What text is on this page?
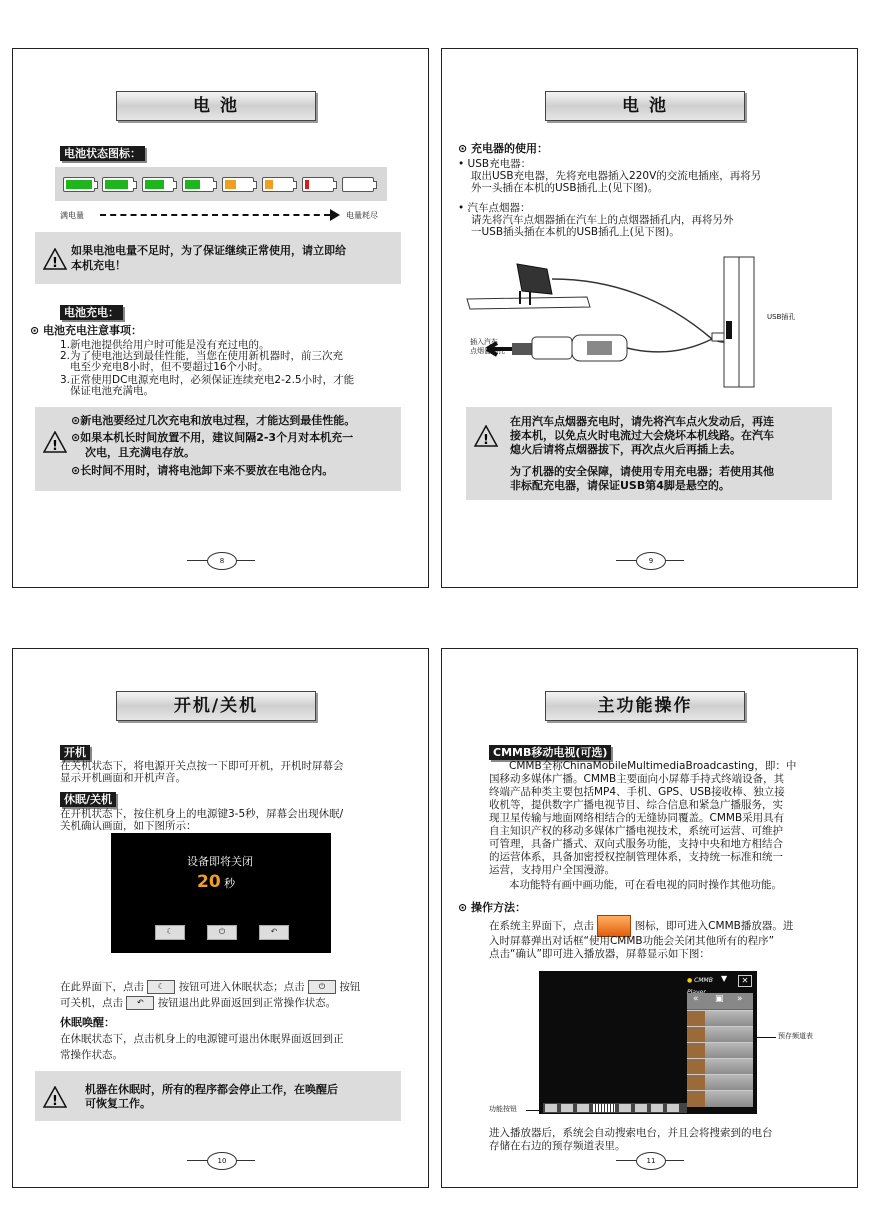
电 池
电池状态图标：
满电量	电量耗尽
!
如果电池电量不足时，为了保证继续正常使用，请立即给
本机充电！
电池充电：
⊙ 电池充电注意事项：
1.新电池提供给用户时可能是没有充过电的。
2.为了使电池达到最佳性能，当您在使用新机器时，前三次充
电至少充电8小时，但不要超过16个小时。
3.正常使用DC电源充电时，必须保证连续充电2-2.5小时，才能
保证电池充满电。
!
⊙新电池要经过几次充电和放电过程，才能达到最佳性能。
⊙如果本机长时间放置不用，建议间隔2-3个月对本机充一
次电，且充满电存放。
⊙长时间不用时，请将电池卸下来不要放在电池仓内。
8
电 池
⊙ 充电器的使用：
• USB充电器：
取出USB充电器，先将充电器插入220V的交流电插座，再将另
外一头插在本机的USB插孔上(见下图)。
• 汽车点烟器：
请先将汽车点烟器插在汽车上的点烟器插孔内，再将另外
一USB插头插在本机的USB插孔上(见下图)。
USB插孔
插入汽车
点烟器插孔
!
在用汽车点烟器充电时，请先将汽车点火发动后，再连
接本机，以免点火时电流过大会烧坏本机线路。在汽车
熄火后请将点烟器拔下，再次点火后再插上去。
为了机器的安全保障，请使用专用充电器；若使用其他
非标配充电器，请保证USB第4脚是悬空的。
9
开机/关机
开机
在关机状态下，将电源开关点按一下即可开机，开机时屏幕会
显示开机画面和开机声音。
休眠/关机
在开机状态下，按住机身上的电源键3-5秒，屏幕会出现休眠/
关机确认画面，如下图所示：
设备即将关闭
20 秒
☾	⏻	↶
在此界面下，点击 ☾ 按钮可进入休眠状态；点击 ⏻ 按钮
可关机，点击 ↶ 按钮退出此界面返回到正常操作状态。
休眠唤醒：
在休眠状态下，点击机身上的电源键可退出休眠界面返回到正
常操作状态。
!
机器在休眠时，所有的程序都会停止工作，在唤醒后
可恢复工作。
10
主功能操作
CMMB移动电视(可选)
CMMB全称ChinaMobileMultimediaBroadcasting，即：中
国移动多媒体广播。CMMB主要面向小屏幕手持式终端设备，其
终端产品种类主要包括MP4、手机、GPS、USB接收棒、独立接
收机等，提供数字广播电视节目、综合信息和紧急广播服务，实
现卫星传输与地面网络相结合的无缝协同覆盖。CMMB采用具有
自主知识产权的移动多媒体广播电视技术，系统可运营、可维护
可管理，具备广播式、双向式服务功能，支持中央和地方相结合
的运营体系，具备加密授权控制管理体系，支持统一标准和统一
运营，支持用户全国漫游。
本功能特有画中画功能，可在看电视的同时操作其他功能。
⊙ 操作方法：
在系统主界面下，点击	图标，即可进入CMMB播放器。进
入时屏幕弹出对话框“使用CMMB功能会关闭其他所有的程序”
点击“确认”即可进入播放器，屏幕显示如下图：
● CMMB	▼	✕
« ▣ »
预存频道表
功能按钮
进入播放器后，系统会自动搜索电台，并且会将搜索到的电台
存储在右边的预存频道表里。
11
